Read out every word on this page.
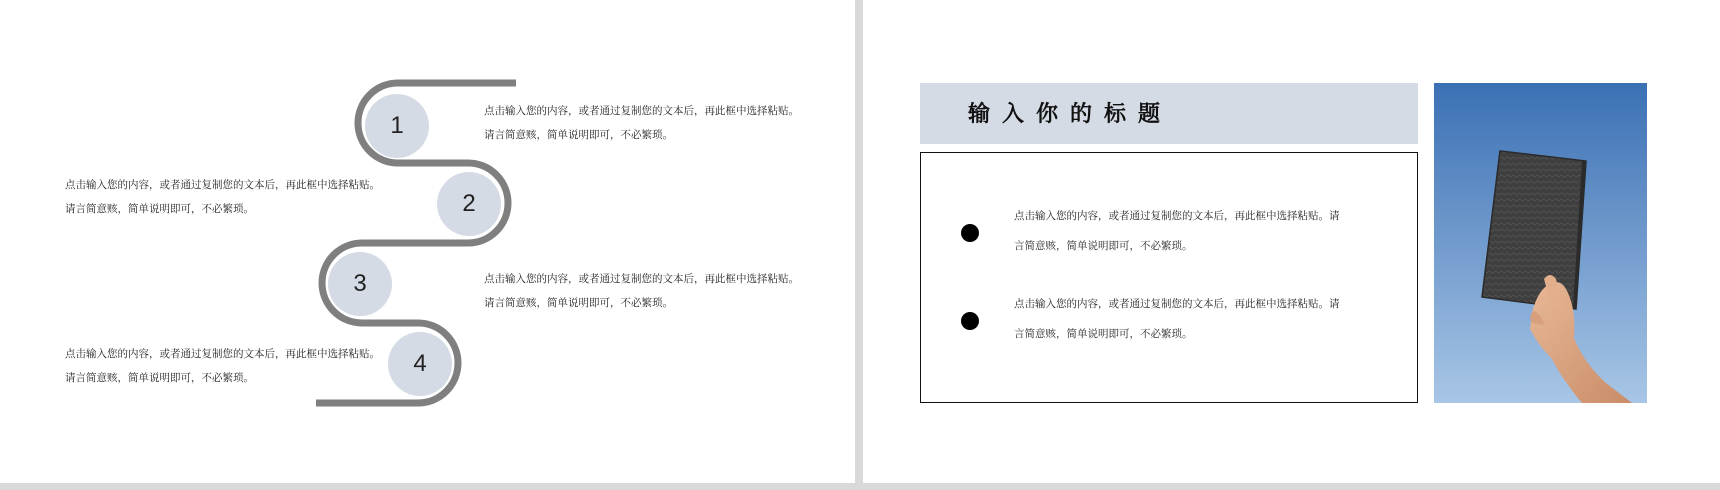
1
2
3
4
点击输入您的内容，或者通过复制您的文本后，再此框中选择粘贴。
请言简意赅，简单说明即可，不必繁琐。
点击输入您的内容，或者通过复制您的文本后，再此框中选择粘贴。
请言简意赅，简单说明即可，不必繁琐。
点击输入您的内容，或者通过复制您的文本后，再此框中选择粘贴。
请言简意赅，简单说明即可，不必繁琐。
点击输入您的内容，或者通过复制您的文本后，再此框中选择粘贴。
请言简意赅，简单说明即可，不必繁琐。
输入你的标题
点击输入您的内容，或者通过复制您的文本后，再此框中选择粘贴。请言简意赅，简单说明即可，不必繁琐。
点击输入您的内容，或者通过复制您的文本后，再此框中选择粘贴。请言简意赅，简单说明即可，不必繁琐。
